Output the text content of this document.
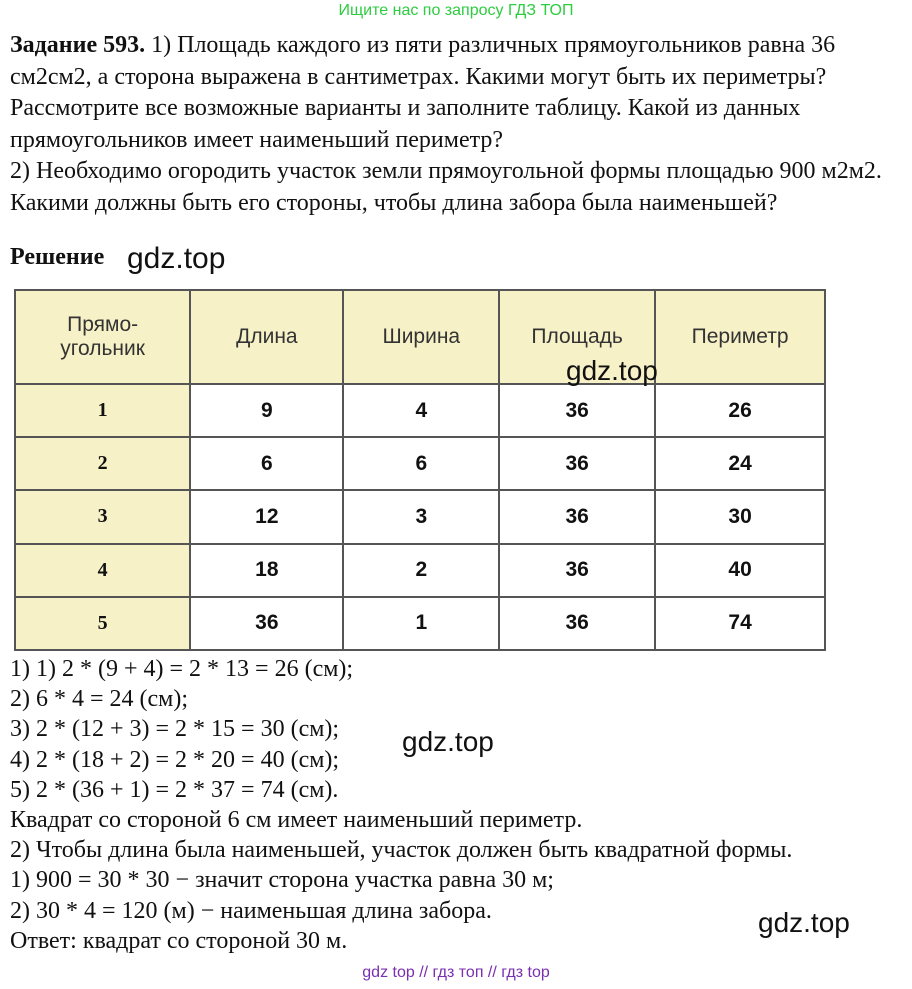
Ищите нас по запросу ГДЗ ТОП
Задание 593. 1) Площадь каждого из пяти различных прямоугольников равна 36 см2см2, а сторона выражена в сантиметрах. Какими могут быть их периметры? Рассмотрите все возможные варианты и заполните таблицу. Какой из данных прямоугольников имеет наименьший периметр?
2) Необходимо огородить участок земли прямоугольной формы площадью 900 м2м2. Какими должны быть его стороны, чтобы длина забора была наименьшей?
Решение gdz.top
Прямо-
угольник	Длина	Ширина	Площадь	Периметр
1	9	4	36	26
2	6	6	36	24
3	12	3	36	30
4	18	2	36	40
5	36	1	36	74
gdz.top
1) 1) 2 * (9 + 4) = 2 * 13 = 26 (см);
2) 6 * 4 = 24 (см);
3) 2 * (12 + 3) = 2 * 15 = 30 (см);
4) 2 * (18 + 2) = 2 * 20 = 40 (см);
5) 2 * (36 + 1) = 2 * 37 = 74 (см).
Квадрат со стороной 6 см имеет наименьший периметр.
2) Чтобы длина была наименьшей, участок должен быть квадратной формы.
1) 900 = 30 * 30 − значит сторона участка равна 30 м;
2) 30 * 4 = 120 (м) − наименьшая длина забора.
Ответ: квадрат со стороной 30 м.
gdz.top
gdz.top
gdz top // гдз топ // гдз top
